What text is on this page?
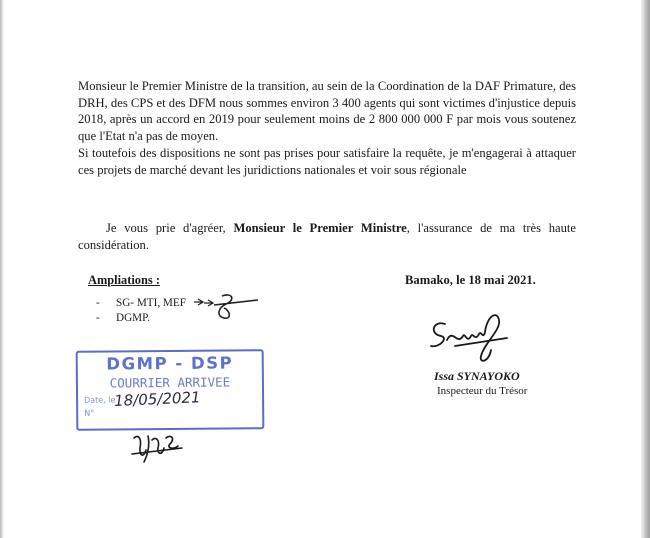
Monsieur le Premier Ministre de la transition, au sein de la Coordination de la DAF Primature, des DRH, des CPS et des DFM nous sommes environ 3 400 agents qui sont victimes d'injustice depuis 2018, après un accord en 2019 pour seulement moins de 2 800 000 000 F par mois vous soutenez que l'Etat n'a pas de moyen.

Si toutefois des dispositions ne sont pas prises pour satisfaire la requête, je m'engagerai à attaquer ces projets de marché devant les juridictions nationales et voir sous régionale

Je vous prie d'agréer, Monsieur le Premier Ministre, l'assurance de ma très haute considération.

Ampliations :
- SG- MTI, MEF
- DGMP.
Bamako, le 18 mai 2021.
Issa SYNAYOKO
Inspecteur du Trésor
DGMP - DSP
COURRIER ARRIVEE
Date, le
N°
18/05/2021
